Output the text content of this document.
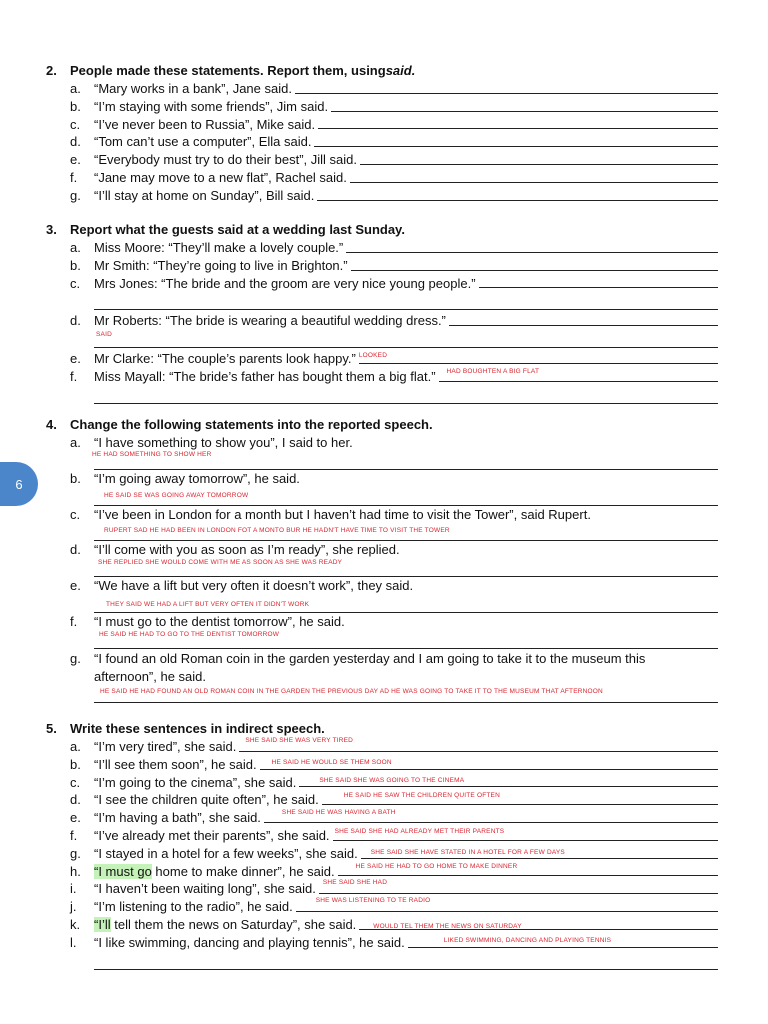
2.	People made these statements. Report them, using said.
a.	“Mary works in a bank”, Jane said.
b.	“I’m staying with some friends”, Jim said.
c.	“I’ve never been to Russia”, Mike said.
d.	“Tom can’t use a computer”, Ella said.
e.	“Everybody must try to do their best”, Jill said.
f.	“Jane may move to a new flat”, Rachel said.
g.	“I’ll stay at home on Sunday”, Bill said.
3.	Report what the guests said at a wedding last Sunday.
a.	Miss Moore: “They’ll make a lovely couple.”
b.	Mr Smith: “They’re going to live in Brighton.”
c.	Mrs Jones: “The bride and the groom are very nice young people.”
d.	Mr Roberts: “The bride is wearing a beautiful wedding dress.”
SAID
e.	Mr Clarke: “The couple’s parents look happy.” LOOKED
f.	Miss Mayall: “The bride’s father has bought them a big flat.” HAD BOUGHTEN A BIG FLAT
4.	Change the following statements into the reported speech.
a.	“I have something to show you”, I said to her.
HE HAD SOMETHING TO SHOW HER
b.	“I’m going away tomorrow”, he said.
HE SAID SE WAS GOING AWAY TOMORROW
c.	“I’ve been in London for a month but I haven’t had time to visit the Tower”, said Rupert.
RUPERT SAD HE HAD BEEN IN LONDON FOT A MONTO BUR HE HADN'T HAVE TIME TO VISIT THE TOWER
d.	“I’ll come with you as soon as I’m ready”, she replied.
SHE REPLIED SHE WOULD COME WITH ME AS SOON AS SHE WAS READY
e.	“We have a lift but very often it doesn’t work”, they said.
THEY SAID WE HAD A LIFT BUT VERY OFTEN IT DIDN'T WORK
f.	“I must go to the dentist tomorrow”, he said.
HE SAID HE HAD TO GO TO THE DENTIST TOMORROW
g.	“I found an old Roman coin in the garden yesterday and I am going to take it to the museum this
afternoon”, he said.
HE SAID HE HAD FOUND AN OLD ROMAN COIN IN THE GARDEN THE PREVIOUS DAY AD HE WAS GOING TO TAKE IT TO THE MUSEUM THAT AFTERNOON
5.	Write these sentences in indirect speech.
a.	“I’m very tired”, she said. SHE SAID SHE WAS VERY TIRED
b.	“I’ll see them soon”, he said. HE SAID HE WOULD SE THEM SOON
c.	“I’m going to the cinema”, she said.	SHE SAID SHE WAS GOING TO THE CINEMA
d.	“I see the children quite often”, he said.	HE SAID HE SAW THE CHILDREN QUITE OFTEN
e.	“I’m having a bath”, she said.	SHE SAID HE WAS HAVING A BATH
f.	“I’ve already met their parents”, she said. SHE SAID SHE HAD ALREADY MET THEIR PARENTS
g.	“I stayed in a hotel for a few weeks”, she said. SHE SAID SHE HAVE STATED IN A HOTEL FOR A FEW DAYS
h.	“I must go home to make dinner”, he said.	HE SAID HE HAD TO GO HOME TO MAKE DINNER
i.	“I haven’t been waiting long”, she said. SHE SAID SHE HAD
j.	“I’m listening to the radio”, he said.	SHE WAS LISTENING TO TE RADIO
k.	“I’ll tell them the news on Saturday”, she said.	WOULD TEL THEM THE NEWS ON SATURDAY
l.	“I like swimming, dancing and playing tennis”, he said.	LIKED SWIMMING, DANCING AND PLAYING TENNIS
6
